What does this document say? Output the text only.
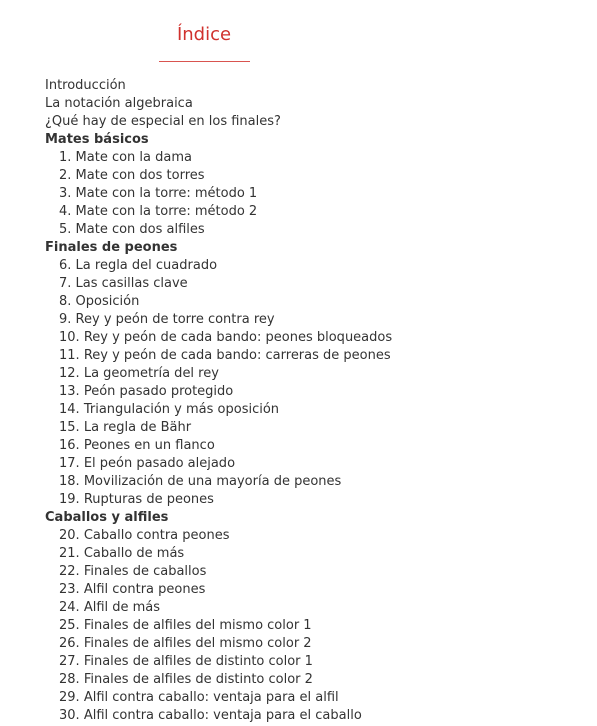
Índice
Introducción
La notación algebraica
¿Qué hay de especial en los finales?
Mates básicos
1. Mate con la dama
2. Mate con dos torres
3. Mate con la torre: método 1
4. Mate con la torre: método 2
5. Mate con dos alfiles
Finales de peones
6. La regla del cuadrado
7. Las casillas clave
8. Oposición
9. Rey y peón de torre contra rey
10. Rey y peón de cada bando: peones bloqueados
11. Rey y peón de cada bando: carreras de peones
12. La geometría del rey
13. Peón pasado protegido
14. Triangulación y más oposición
15. La regla de Bähr
16. Peones en un flanco
17. El peón pasado alejado
18. Movilización de una mayoría de peones
19. Rupturas de peones
Caballos y alfiles
20. Caballo contra peones
21. Caballo de más
22. Finales de caballos
23. Alfil contra peones
24. Alfil de más
25. Finales de alfiles del mismo color 1
26. Finales de alfiles del mismo color 2
27. Finales de alfiles de distinto color 1
28. Finales de alfiles de distinto color 2
29. Alfil contra caballo: ventaja para el alfil
30. Alfil contra caballo: ventaja para el caballo
